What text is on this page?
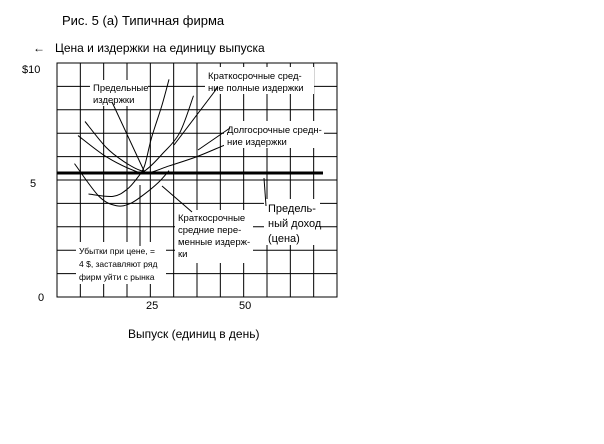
Рис. 5 (а) Типичная фирма
← Цена и издержки на единицу выпуска
$10
5
0
25	50
Выпуск (единиц в день)
Предельные
издержки
Краткосрочные сред-
ние полные издержки
Долгосрочные средн-
ние издержки
Краткосрочные
средние пере-
менные издерж-
ки
Предель-
ный доход
(цена)
Убытки при цене, =
4 $, заставляют ряд
фирм уйти с рынка
